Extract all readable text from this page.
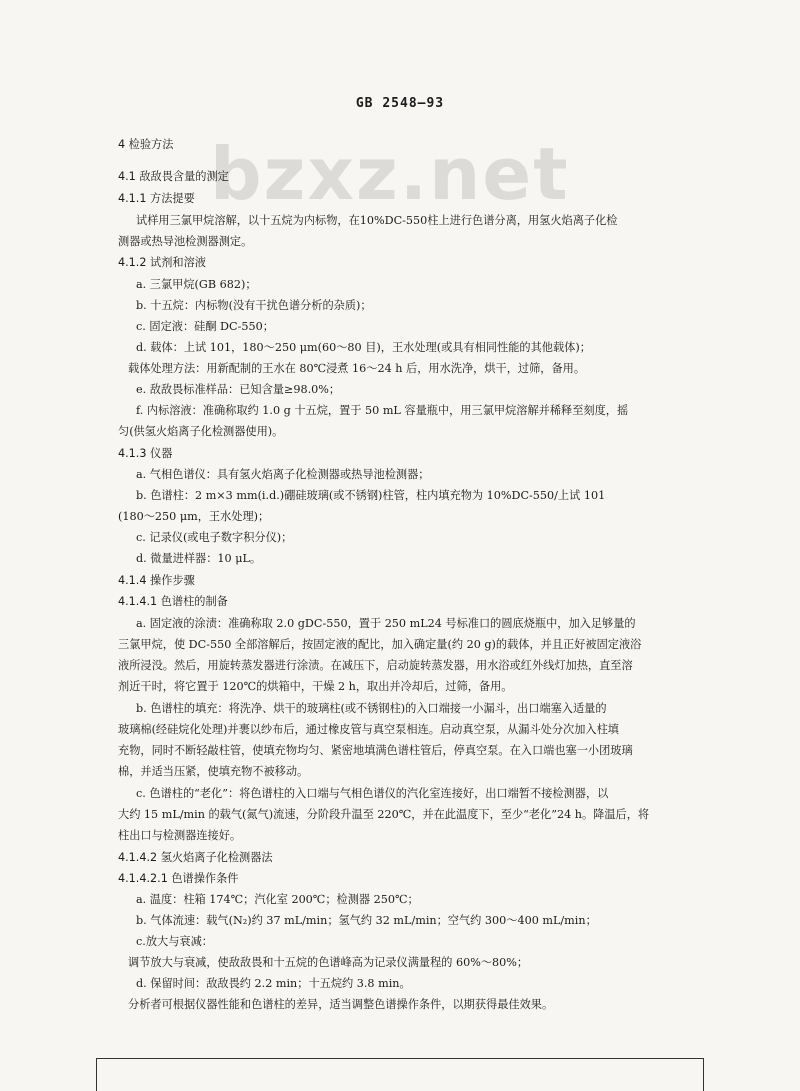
bzxz.net
GB 2548—93
4 检验方法
4.1 敌敌畏含量的测定
4.1.1 方法提要
试样用三氯甲烷溶解，以十五烷为内标物，在10%DC-550柱上进行色谱分离，用氢火焰离子化检
测器或热导池检测器测定。
4.1.2 试剂和溶液
a. 三氯甲烷(GB 682)；
b. 十五烷：内标物(没有干扰色谱分析的杂质)；
c. 固定液：硅酮 DC-550；
d. 载体：上试 101，180～250 μm(60～80 目)，王水处理(或具有相同性能的其他载体)；
载体处理方法：用新配制的王水在 80℃浸煮 16～24 h 后，用水洗净，烘干，过筛，备用。
e. 敌敌畏标准样品：已知含量≥98.0%；
f. 内标溶液：准确称取约 1.0 g 十五烷，置于 50 mL 容量瓶中，用三氯甲烷溶解并稀释至刻度，摇
匀(供氢火焰离子化检测器使用)。
4.1.3 仪器
a. 气相色谱仪：具有氢火焰离子化检测器或热导池检测器；
b. 色谱柱：2 m×3 mm(i.d.)硼硅玻璃(或不锈钢)柱管，柱内填充物为 10%DC-550/上试 101
(180～250 μm，王水处理)；
c. 记录仪(或电子数字积分仪)；
d. 微量进样器：10 μL。
4.1.4 操作步骤
4.1.4.1 色谱柱的制备
a. 固定液的涂渍：准确称取 2.0 gDC-550，置于 250 mL24 号标准口的圆底烧瓶中，加入足够量的
三氯甲烷，使 DC-550 全部溶解后，按固定液的配比，加入确定量(约 20 g)的载体，并且正好被固定液浴
液所浸没。然后，用旋转蒸发器进行涂渍。在减压下，启动旋转蒸发器，用水浴或红外线灯加热，直至溶
剂近干时，将它置于 120℃的烘箱中，干燥 2 h，取出并冷却后，过筛，备用。
b. 色谱柱的填充：将洗净、烘干的玻璃柱(或不锈钢柱)的入口端接一小漏斗，出口端塞入适量的
玻璃棉(经硅烷化处理)并裹以纱布后，通过橡皮管与真空泵相连。启动真空泵，从漏斗处分次加入柱填
充物，同时不断轻敲柱管，使填充物均匀、紧密地填满色谱柱管后，停真空泵。在入口端也塞一小团玻璃
棉，并适当压紧，使填充物不被移动。
c. 色谱柱的“老化”：将色谱柱的入口端与气相色谱仪的汽化室连接好，出口端暂不接检测器，以
大约 15 mL/min 的载气(氮气)流速，分阶段升温至 220℃，并在此温度下，至少“老化”24 h。降温后，将
柱出口与检测器连接好。
4.1.4.2 氢火焰离子化检测器法
4.1.4.2.1 色谱操作条件
a. 温度：柱箱 174℃；汽化室 200℃；检测器 250℃；
b. 气体流速：载气(N₂)约 37 mL/min；氢气约 32 mL/min；空气约 300～400 mL/min；
c.放大与衰减：
调节放大与衰减，使敌敌畏和十五烷的色谱峰高为记录仪满量程的 60%～80%；
d. 保留时间：敌敌畏约 2.2 min；十五烷约 3.8 min。
分析者可根据仪器性能和色谱柱的差异，适当调整色谱操作条件，以期获得最佳效果。
